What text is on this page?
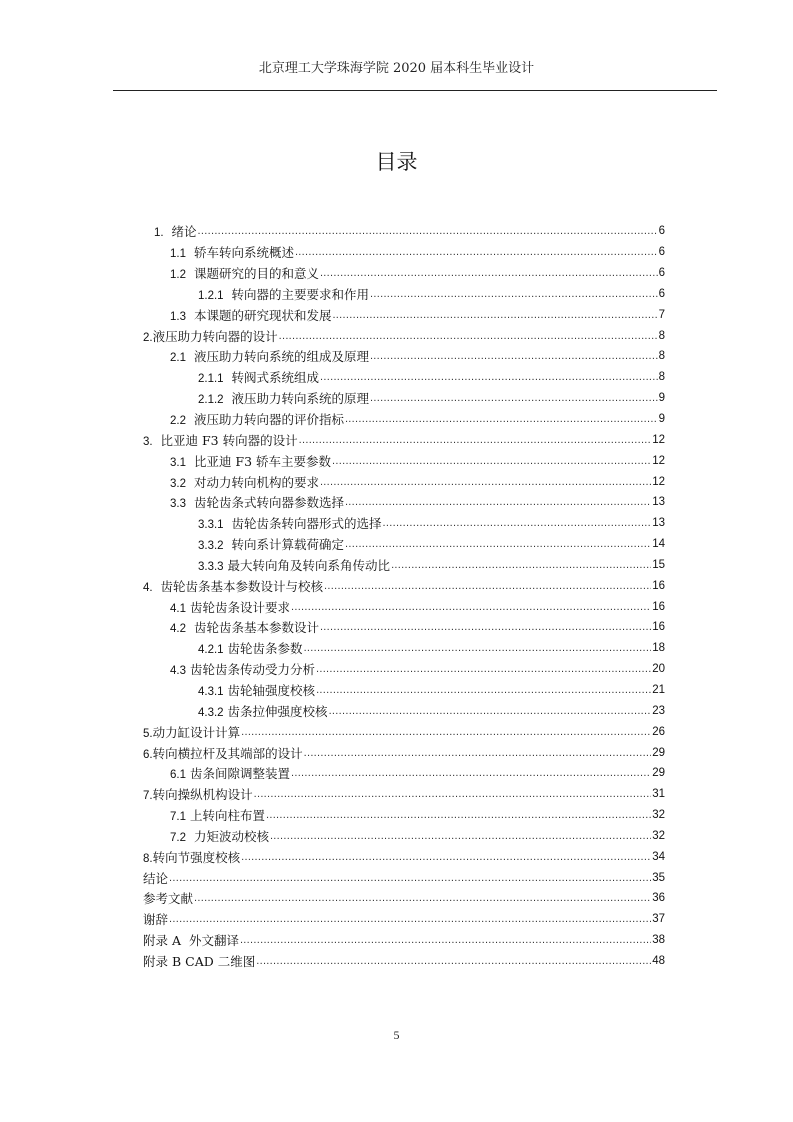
北京理工大学珠海学院 2020 届本科生毕业设计
目录
1.  绪论 .....	6
1.1  轿车转向系统概述 .....	6
1.2  课题研究的目的和意义 .....	6
1.2.1  转向器的主要要求和作用 .....	6
1.3  本课题的研究现状和发展 .....	7
2.液压助力转向器的设计 .....	8
2.1  液压助力转向系统的组成及原理 .....	8
2.1.1  转阀式系统组成 .....	8
2.1.2  液压助力转向系统的原理 .....	9
2.2  液压助力转向器的评价指标 .....	9
3.  比亚迪 F3 转向器的设计 .....	12
3.1  比亚迪 F3 轿车主要参数 .....	12
3.2  对动力转向机构的要求 .....	12
3.3  齿轮齿条式转向器参数选择 .....	13
3.3.1  齿轮齿条转向器形式的选择 .....	13
3.3.2  转向系计算载荷确定 .....	14
3.3.3 最大转向角及转向系角传动比 .....	15
4.  齿轮齿条基本参数设计与校核 .....	16
4.1 齿轮齿条设计要求 .....	16
4.2  齿轮齿条基本参数设计 .....	16
4.2.1 齿轮齿条参数 .....	18
4.3 齿轮齿条传动受力分析 .....	20
4.3.1 齿轮轴强度校核 .....	21
4.3.2 齿条拉伸强度校核 .....	23
5.动力缸设计计算 .....	26
6.转向横拉杆及其端部的设计 .....	29
6.1 齿条间隙调整装置 .....	29
7.转向操纵机构设计 .....	31
7.1 上转向柱布置 .....	32
7.2  力矩波动校核 .....	32
8.转向节强度校核 .....	34
结论 .....	35
参考文献 .....	36
谢辞 .....	37
附录 A  外文翻译 .....	38
附录 B CAD 二维图 .....	48
5
